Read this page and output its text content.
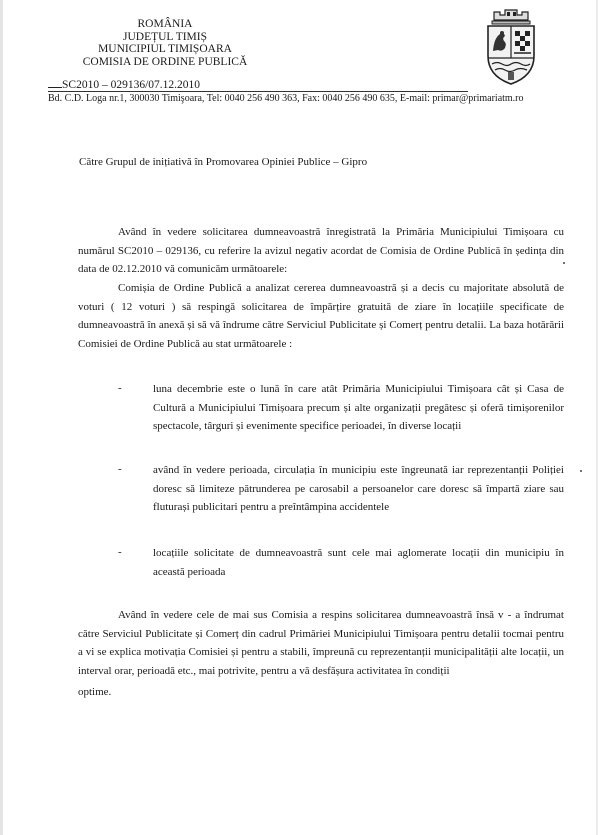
ROMÂNIA
JUDEȚUL TIMIȘ
MUNICIPIUL TIMIȘOARA
COMISIA DE ORDINE PUBLICĂ
SC2010 – 029136/07.12.2010
Bd. C.D. Loga nr.1, 300030 Timişoara, Tel: 0040 256 490 363, Fax: 0040 256 490 635, E-mail: primar@primariatm.ro
Către Grupul de inițiativă în Promovarea Opiniei Publice – Gipro
Având în vedere solicitarea dumneavoastră înregistrată la Primăria Municipiului Timișoara cu numărul SC2010 – 029136, cu referire la avizul negativ acordat de Comisia de Ordine Publică în ședința din data de 02.12.2010 vă comunicăm următoarele:
Comișia de Ordine Publică a analizat cererea dumneavoastră și a decis cu majoritate absolută de voturi ( 12 voturi ) să respingă solicitarea de împărțire gratuită de ziare în locațiile specificate de dumneavoastră în anexă și să vă îndrume către Serviciul Publicitate și Comerț pentru detalii. La baza hotărării Comisiei de Ordine Publică au stat următoarele :
-	luna decembrie este o lună în care atât Primăria Municipiului Timișoara cât și Casa de Cultură a Municipiului Timișoara precum și alte organizații pregătesc și oferă timișorenilor spectacole, târguri și evenimente specifice perioadei, în diverse locații
-	având în vedere perioada, circulația în municipiu este îngreunată iar reprezentanții Poliției doresc să limiteze pătrunderea pe carosabil a persoanelor care doresc să împartă ziare sau fluturași publicitari pentru a preîntâmpina accidentele
-	locațiile solicitate de dumneavoastră sunt cele mai aglomerate locații din municipiu în această perioada
Având în vedere cele de mai sus Comisia a respins solicitarea dumneavoastră însă v - a îndrumat către Serviciul Publicitate și Comerț din cadrul Primăriei Municipiului Timișoara pentru detalii tocmai pentru a vi se explica motivația Comisiei și pentru a stabili, împreună cu reprezentanții municipalității alte locații, un interval orar, perioadă etc., mai potrivite, pentru a vă desfășura activitatea în condiții
optime.
